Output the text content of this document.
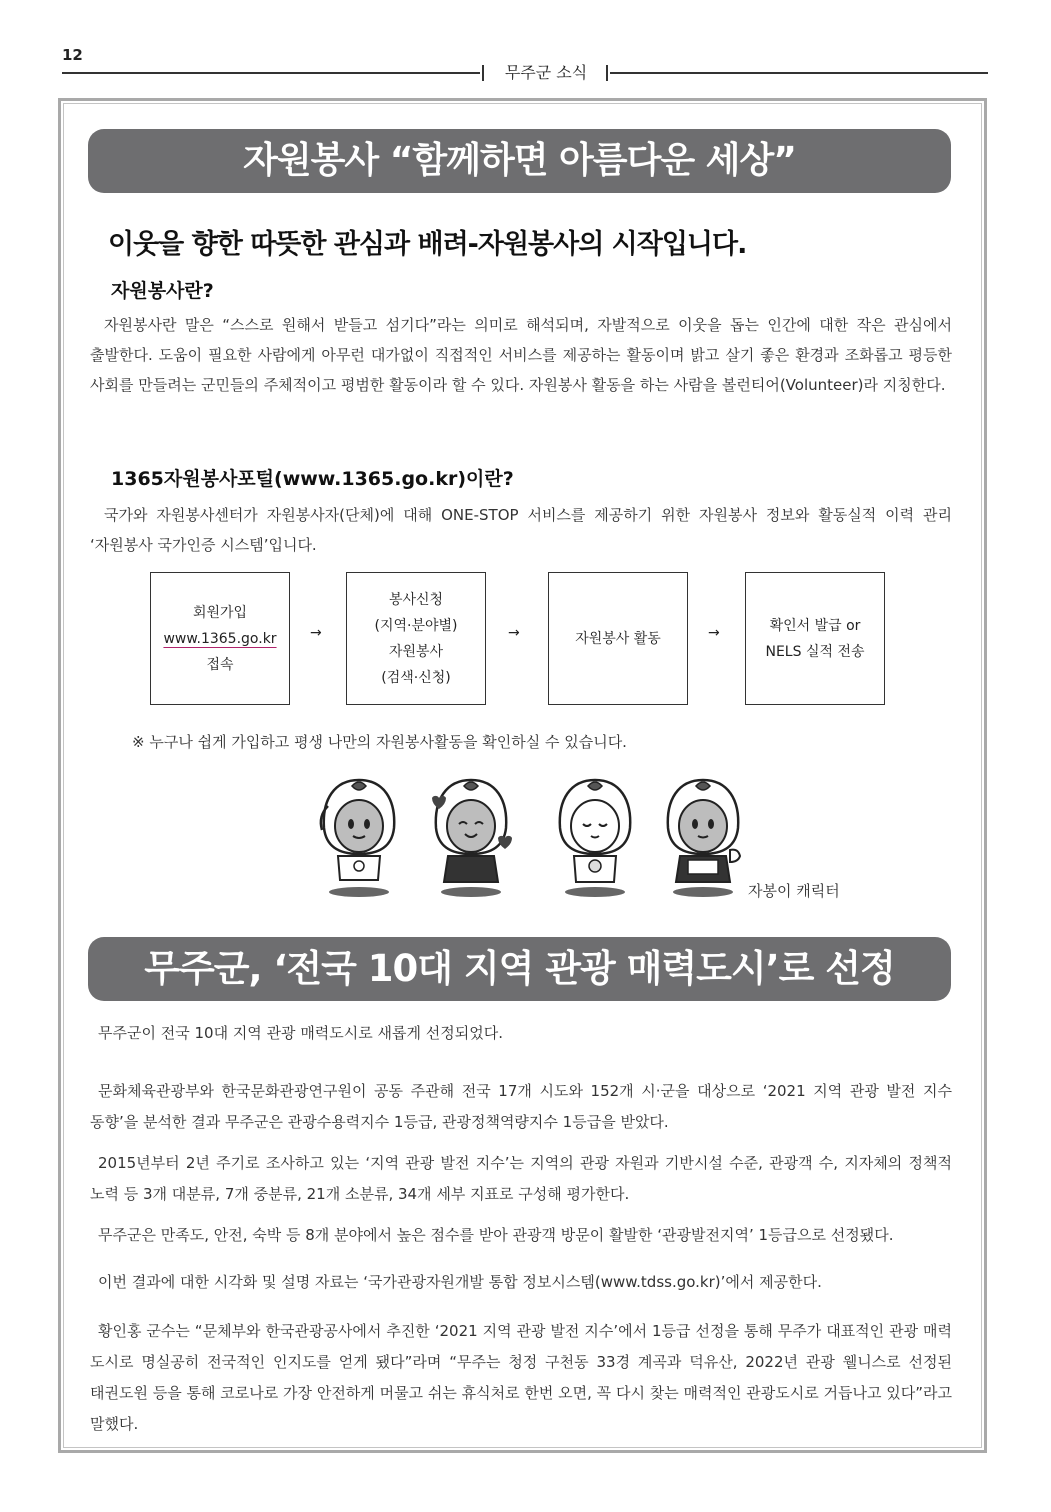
12
무주군 소식
자원봉사 “함께하면 아름다운 세상”
이웃을 향한 따뜻한 관심과 배려-자원봉사의 시작입니다.
자원봉사란?
자원봉사란 말은 “스스로 원해서 받들고 섬기다”라는 의미로 해석되며, 자발적으로 이웃을 돕는 인간에 대한 작은 관심에서 출발한다. 도움이 필요한 사람에게 아무런 대가없이 직접적인 서비스를 제공하는 활동이며 밝고 살기 좋은 환경과 조화롭고 평등한 사회를 만들려는 군민들의 주체적이고 평범한 활동이라 할 수 있다. 자원봉사 활동을 하는 사람을 볼런티어(Volunteer)라 지칭한다.
1365자원봉사포털(www.1365.go.kr)이란?
국가와 자원봉사센터가 자원봉사자(단체)에 대해 ONE-STOP 서비스를 제공하기 위한 자원봉사 정보와 활동실적 이력 관리 ‘자원봉사 국가인증 시스템’입니다.
회원가입
www.1365.go.kr
접속
→
봉사신청
(지역·분야별)
자원봉사
(검색·신청)
→	자원봉사 활동	→	확인서 발급 or
NELS 실적 전송
※ 누구나 쉽게 가입하고 평생 나만의 자원봉사활동을 확인하실 수 있습니다.
자봉이 캐릭터
무주군, ‘전국 10대 지역 관광 매력도시’로 선정
무주군이 전국 10대 지역 관광 매력도시로 새롭게 선정되었다.
문화체육관광부와 한국문화관광연구원이 공동 주관해 전국 17개 시도와 152개 시·군을 대상으로 ‘2021 지역 관광 발전 지수 동향’을 분석한 결과 무주군은 관광수용력지수 1등급, 관광정책역량지수 1등급을 받았다.
2015년부터 2년 주기로 조사하고 있는 ‘지역 관광 발전 지수’는 지역의 관광 자원과 기반시설 수준, 관광객 수, 지자체의 정책적 노력 등 3개 대분류, 7개 중분류, 21개 소분류, 34개 세부 지표로 구성해 평가한다.
무주군은 만족도, 안전, 숙박 등 8개 분야에서 높은 점수를 받아 관광객 방문이 활발한 ‘관광발전지역’ 1등급으로 선정됐다.
이번 결과에 대한 시각화 및 설명 자료는 ‘국가관광자원개발 통합 정보시스템(www.tdss.go.kr)’에서 제공한다.
황인홍 군수는 “문체부와 한국관광공사에서 추진한 ‘2021 지역 관광 발전 지수’에서 1등급 선정을 통해 무주가 대표적인 관광 매력 도시로 명실공히 전국적인 인지도를 얻게 됐다”라며 “무주는 청정 구천동 33경 계곡과 덕유산, 2022년 관광 웰니스로 선정된 태권도원 등을 통해 코로나로 가장 안전하게 머물고 쉬는 휴식처로 한번 오면, 꼭 다시 찾는 매력적인 관광도시로 거듭나고 있다”라고 말했다.
